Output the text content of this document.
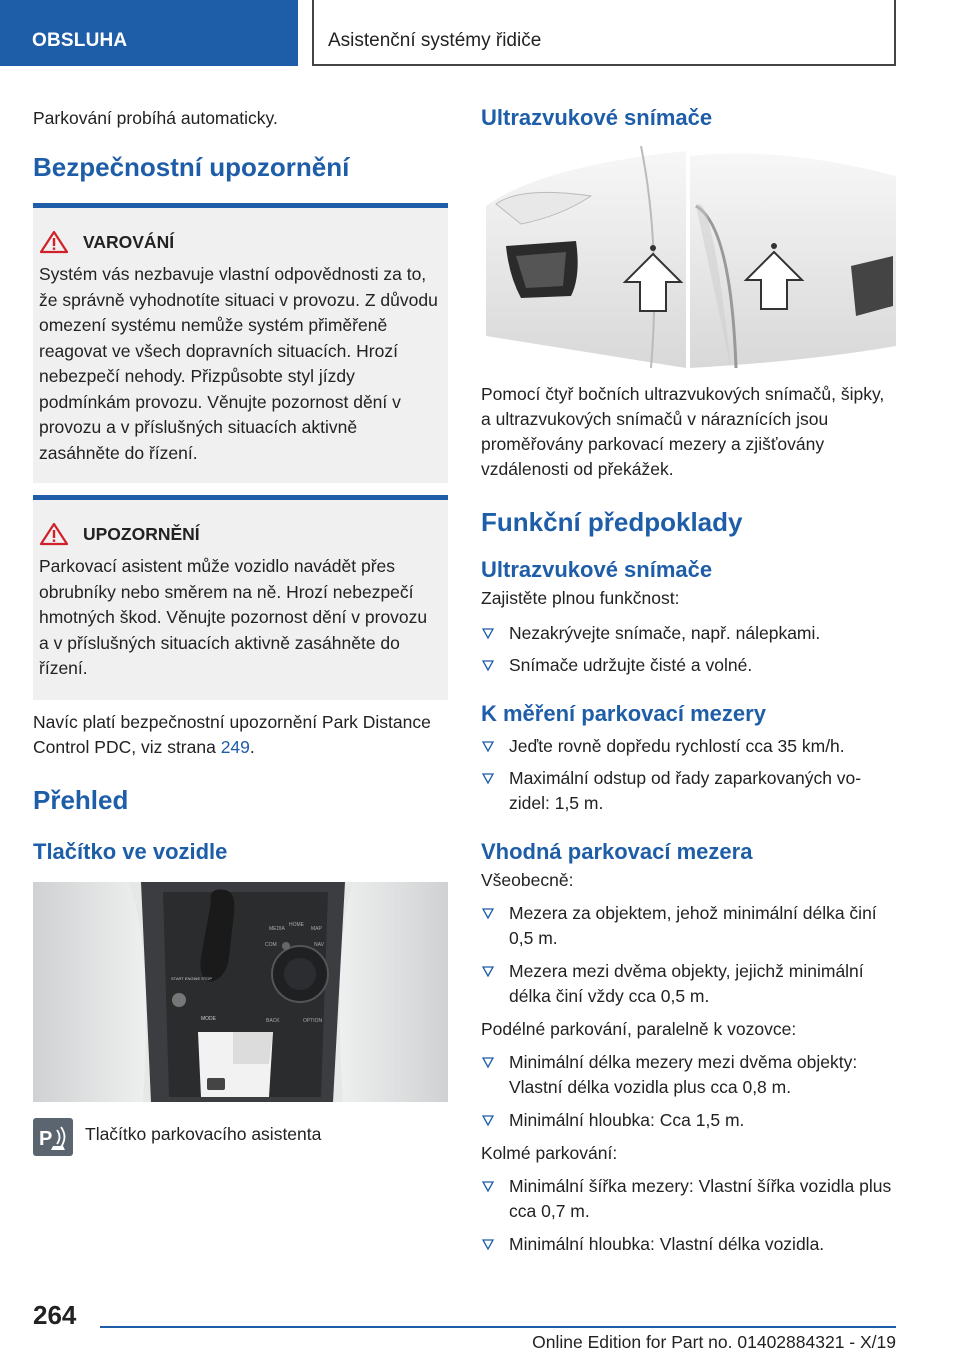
OBSLUHA	Asistenční systémy řidiče

Parkování probíhá automaticky.

Bezpečnostní upozornění
VAROVÁNÍ
Systém vás nezbavuje vlastní odpovědnosti za to, že správně vyhodnotíte situaci v provozu. Z důvodu omezení systému nemůže systém přiměřeně reagovat ve všech dopravních situacích. Hrozí nebezpečí nehody. Přizpůsobte styl jízdy podmínkám provozu. Věnujte pozornost dění v provozu a v příslušných situacích aktivně zasáhněte do řízení.
UPOZORNĚNÍ
Parkovací asistent může vozidlo navádět přes obrubníky nebo směrem na ně. Hrozí nebezpečí hmotných škod. Věnujte pozornost dění v provozu a v příslušných situacích aktivně zasáhněte do řízení.

Navíc platí bezpečnostní upozornění Park Distance Control PDC, viz strana 249.

Přehled
Tlačítko ve vozidle
MEDIA
HOME
MAP
COM	NAV
BACK	OPTION
START ENGINE STOP
MODE
P Tlačítko parkovacího asistenta
Ultrazvukové snímače

Pomocí čtyř bočních ultrazvukových snímačů, šipky, a ultrazvukových snímačů v náraznících jsou proměřovány parkovací mezery a zjišťovány vzdálenosti od překážek.

Funkční předpoklady
Ultrazvukové snímače

Zajistěte plnou funkčnost:

Nezakrývejte snímače, např. nálepkami.
Snímače udržujte čisté a volné.
K měření parkovací mezery
Jeďte rovně dopředu rychlostí cca 35 km/h.
Maximální odstup od řady zaparkovaných vozidel: 1,5 m.
Vhodná parkovací mezera

Všeobecně:

Mezera za objektem, jehož minimální délka činí 0,5 m.
Mezera mezi dvěma objekty, jejichž minimální délka činí vždy cca 0,5 m.

Podélné parkování, paralelně k vozovce:

Minimální délka mezery mezi dvěma objekty: Vlastní délka vozidla plus cca 0,8 m.
Minimální hloubka: Cca 1,5 m.

Kolmé parkování:

Minimální šířka mezery: Vlastní šířka vozidla plus cca 0,7 m.
Minimální hloubka: Vlastní délka vozidla.
264
Online Edition for Part no. 01402884321 - X/19
